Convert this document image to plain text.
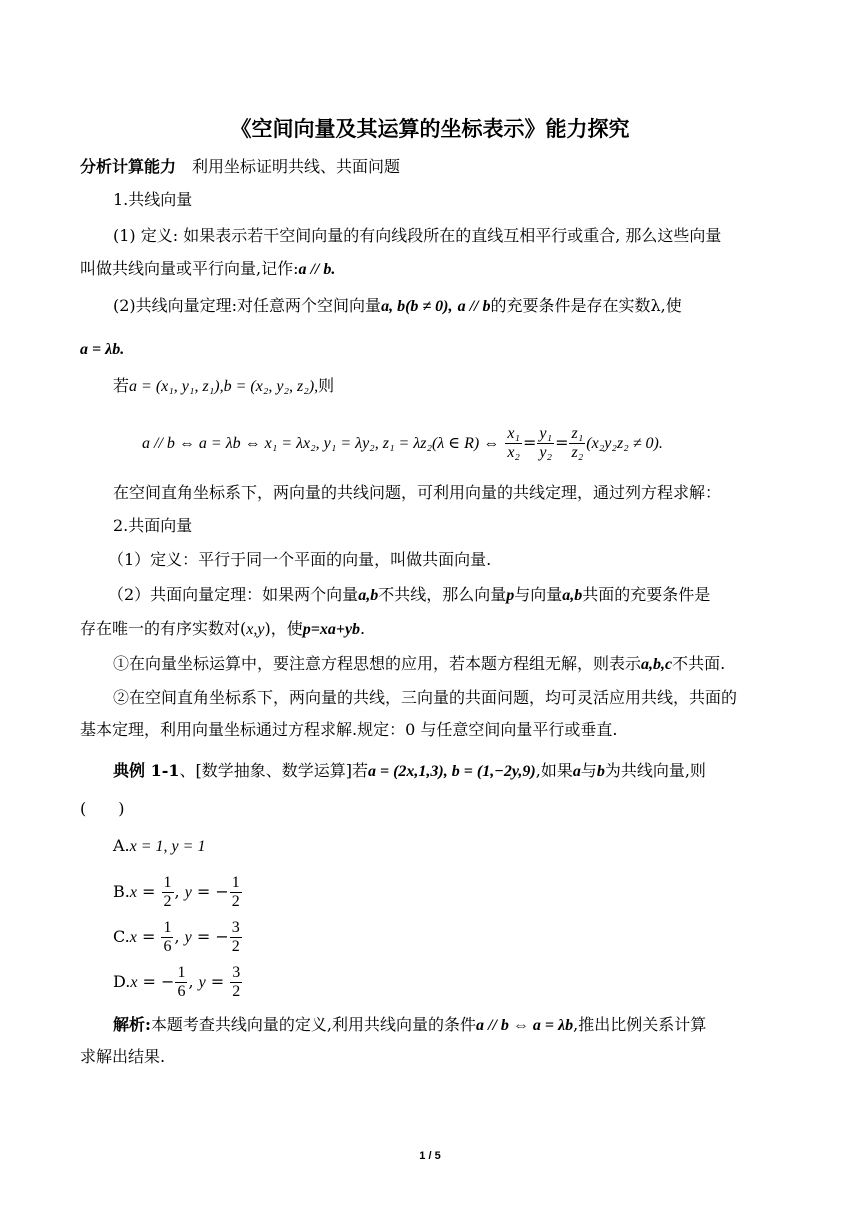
《空间向量及其运算的坐标表示》能力探究
分析计算能力 利用坐标证明共线、共面问题
1.共线向量
(1) 定义: 如果表示若干空间向量的有向线段所在的直线互相平行或重合, 那么这些向量
叫做共线向量或平行向量,记作:a // b.
(2)共线向量定理:对任意两个空间向量a, b(b ≠ 0), a // b的充要条件是存在实数λ,使
a = λb.
若a = (x₁, y₁, z₁),b = (x₂, y₂, z₂),则
a // b ⇔ a = λb ⇔ x₁ = λx₂, y₁ = λy₂, z₁ = λz₂(λ ∈ R) ⇔ $\frac{\text{x₁}}{\text{x₂}} = \frac{\text{y₁}}{\text{y₂}} = \frac{\text{z₁}}{\text{z₂}} (x_2y_2z_2 \ne 0)$.
在空间直角坐标系下，两向量的共线问题，可利用向量的共线定理，通过列方程求解：
2.共面向量
（1）定义：平行于同一个平面的向量，叫做共面向量.
（2）共面向量定理：如果两个向量a,b不共线，那么向量p与向量a,b共面的充要条件是
存在唯一的有序实数对(x,y)，使p=xa+yb.
①在向量坐标运算中，要注意方程思想的应用，若本题方程组无解，则表示a,b,c不共面.
②在空间直角坐标系下，两向量的共线，三向量的共面问题，均可灵活应用共线，共面的
基本定理，利用向量坐标通过方程求解.规定：0 与任意空间向量平行或垂直.
典例 1-1、[数学抽象、数学运算]若a = (2x,1,3), b = (1,−2y,9),如果a与b为共线向量,则
(　　)
A.x = 1, y = 1
$B.x = \frac{1}{2}$ , y = − $\frac{1}{2}$
$C.x = \frac{1}{6}$ , y = − $\frac{3}{2}$
D.x = − $\frac{1}{6}$ , $y = \frac{3}{2}$
解析:本题考查共线向量的定义,利用共线向量的条件a // b ⇔ a = λb,推出比例关系计算
求解出结果.
1 / 5
